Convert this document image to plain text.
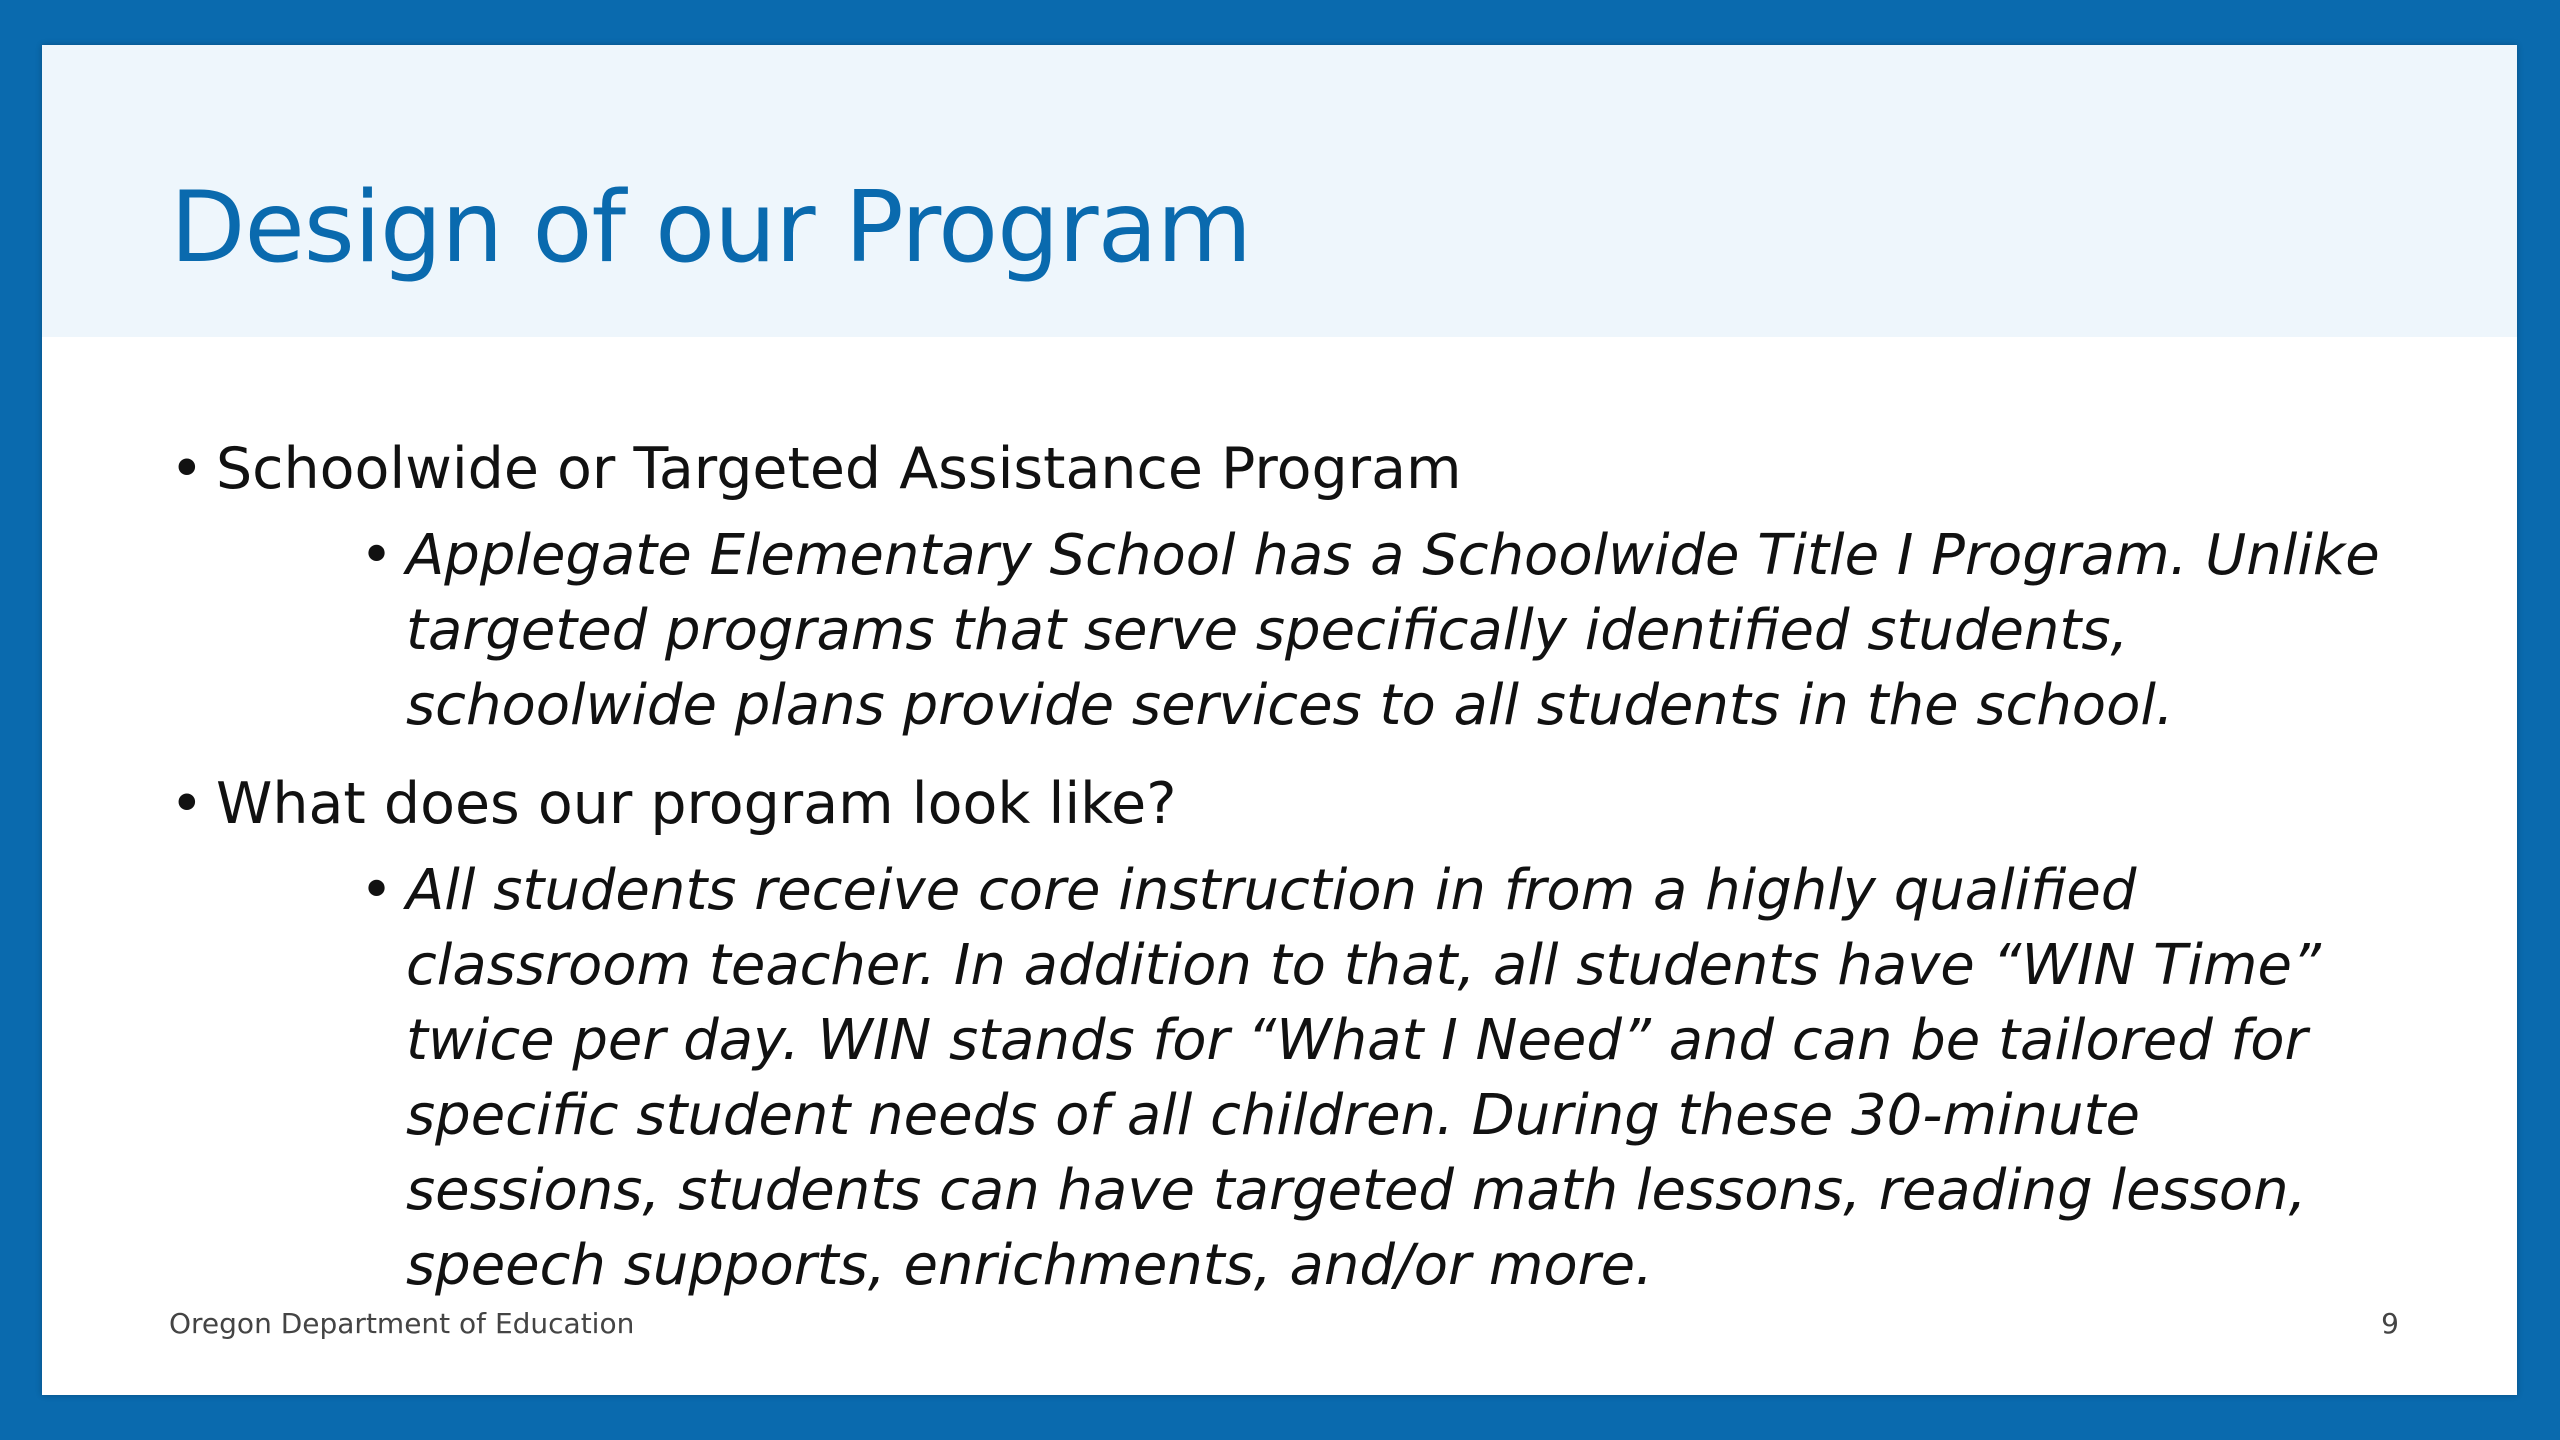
Design of our Program

• Schoolwide or Targeted Assistance Program

• Applegate Elementary School has a Schoolwide Title I Program. Unlike targeted programs that serve specifically identified students, schoolwide plans provide services to all students in the school.

• What does our program look like?

• All students receive core instruction in from a highly qualified classroom teacher. In addition to that, all students have “WIN Time” twice per day. WIN stands for “What I Need” and can be tailored for specific student needs of all children. During these 30-minute sessions, students can have targeted math lessons, reading lesson, speech supports, enrichments, and/or more.

Oregon Department of Education	9
